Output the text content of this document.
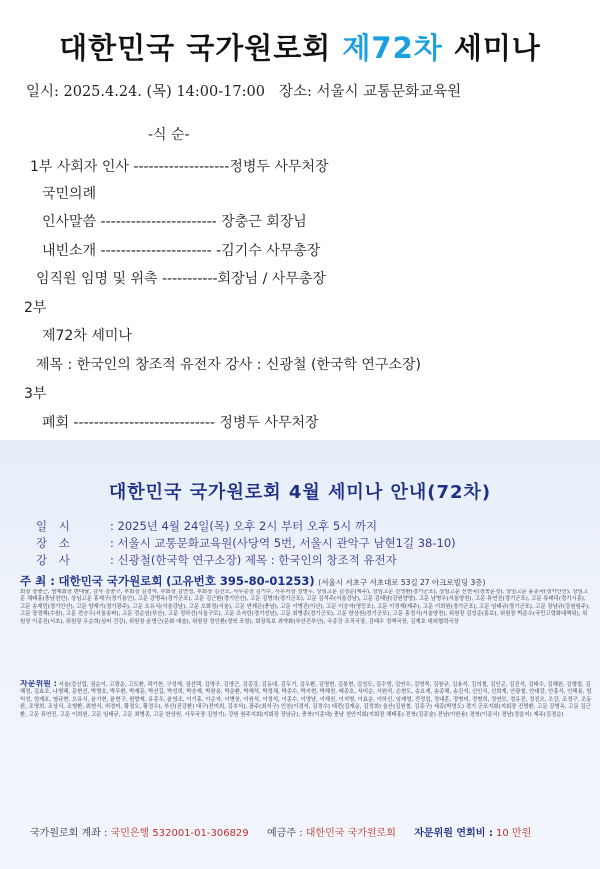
대한민국 국가원로회 제72차 세미나
일시: 2025.4.24. (목) 14:00-17:00 장소: 서울시 교통문화교육원
-식 순-
1부 사회자 인사 -------------------정병두 사무처장
국민의례
인사말씀 ----------------------- 장충근 회장님
내빈소개 ---------------------- -김기수 사무총장
임직원 임명 및 위촉 -----------회장님 / 사무총장
2부
제72차 세미나
제목 : 한국인의 창조적 유전자 강사 : 신광철 (한국학 연구소장)
3부
폐회 ---------------------------- 정병두 사무처장
대한민국 국가원로회 4월 세미나 안내(72차)
일 시	: 2025년 4월 24일(목) 오후 2시 부터 오후 5시 까지
장 소	: 서울시 교통문화교육원(사당역 5번, 서울시 관악구 남현1길 38-10)
강 사	: 신광철(한국학 연구소장) 제목 : 한국인의 창조적 유전자
주 최 : 대한민국 국가원로회 (고유번호 395-80-01253) (서울시 서초구 서초대로 53길 27 아크로빌딩 3층)
회장 장충근, 명예회장 변대날, 감사 강충구, 부회장 김경자, 부회장 김연영, 부회장 김진모, 사무총장 김기수, 사무처장 정병두, 상임고문 김경순(제주), 상임고문 진영환(경기군포), 상임고문 신현국(경북문경), 상임고문 홍종국(경기안산), 상임고문 채태홍(충남천안), 상임고문 홍재구(경기용인), 고문 강병옥(경기군포), 고문 김근환(경기안산), 고문 김병의(경기군포), 고문 김석주(서울강남), 고문 김태남(강원양양), 고문 남병우(서울양천), 고문 류연진(경기군포), 고문 류태덕(경기시흥), 고문 송재민(경기안산), 고문 양재기(경기광주), 고문 오유식(서울강남), 고문 오화정(서울), 고문 연제은(충남), 고문 이병진(익산), 고문 이승자(영등포), 고문 이정재(제주), 고문 이희원(경기군포), 고문 임태규(경기군포), 고문 장남규(강원원주), 고문 장경재(수원), 고문 전승우(서울송파), 고문 정순임(부산), 고문 정하선(서울구로), 고문 조숙란(경기성남), 고문 최병종(경기군포), 고문 한상원(경기군포), 고문 홍정식(서울양천), 위원장 김성준(홍보), 위원장 박준수(국민고령화대책위), 위원장 이종진(서초), 위원장 우순희(심버 건강), 위원장 윤명근(문화 예술), 위원장 정인환(경북 포항), 회장특보 최약화(부산진부산), 국종강 조직국장, 김태수 정책국장, 김재호 대외협력국장
자문위원 : 서울(강신업, 권순이, 고광운, 고도환, 곽기헌, 구성재, 권선택, 김명구, 김영근, 김종강, 김동대, 김두기, 김두환, 김명현, 김봉현, 김성모, 김수영, 김연수, 김영묵, 김창규, 김용석, 김의철, 김인곤, 김진석, 김태수, 김해원, 김행철, 김혜정, 김효조, 나명혜, 문현선, 박명호, 박무환, 박재문, 박선길, 박성희, 박승재, 박왕용, 박운환, 박재석, 박정채, 박종수, 박지현, 박해천, 배종호, 서미순, 서원석, 손현도, 송요재, 송종해, 송진석, 신인식, 신희계, 안광철, 안대강, 안흥식, 안해용, 엄익성, 엄재호, 염규현, 오유식, 윤기현, 윤현구, 원향재, 유종우, 윤영조, 이기홍, 이순자, 이병웅, 이원석, 이정석, 이종수, 이영남, 이재천, 이지명, 이효운, 이하신, 임재영, 전정섭, 정대훈, 정병미, 정병희, 정연모, 정유진, 정진오, 조강, 조경구, 조동완, 조명희, 조상식, 조형환, 최현식, 허경미, 황경오, 황정우), 부산(진강환) 대구(전미희, 김추석), 광주(최석구) 인천(이경석, 김정수) 대전(김재운, 김정희) 울산(김원철, 김종구) 세종(박영도) 경기 군포지회(지회장 진명환, 고문 강병옥, 고문 김근환, 고문 류연진, 고문 이희원, 고문 임태규, 고문 최병종, 고문 한상원, 사무국장 김영기), 강원 원주지회(지회장 장남규), 충북(이종대) 충남 천안지회(지회장 채태홍) 전북(김종술) 전남(이한용) 경북(이종식) 경남(정을지) 제주(김경순)
국가원로회 계좌 : 국민은행 532001-01-306829 예금주 : 대한민국 국가원로회 자문위원 연회비 : 10 만원
